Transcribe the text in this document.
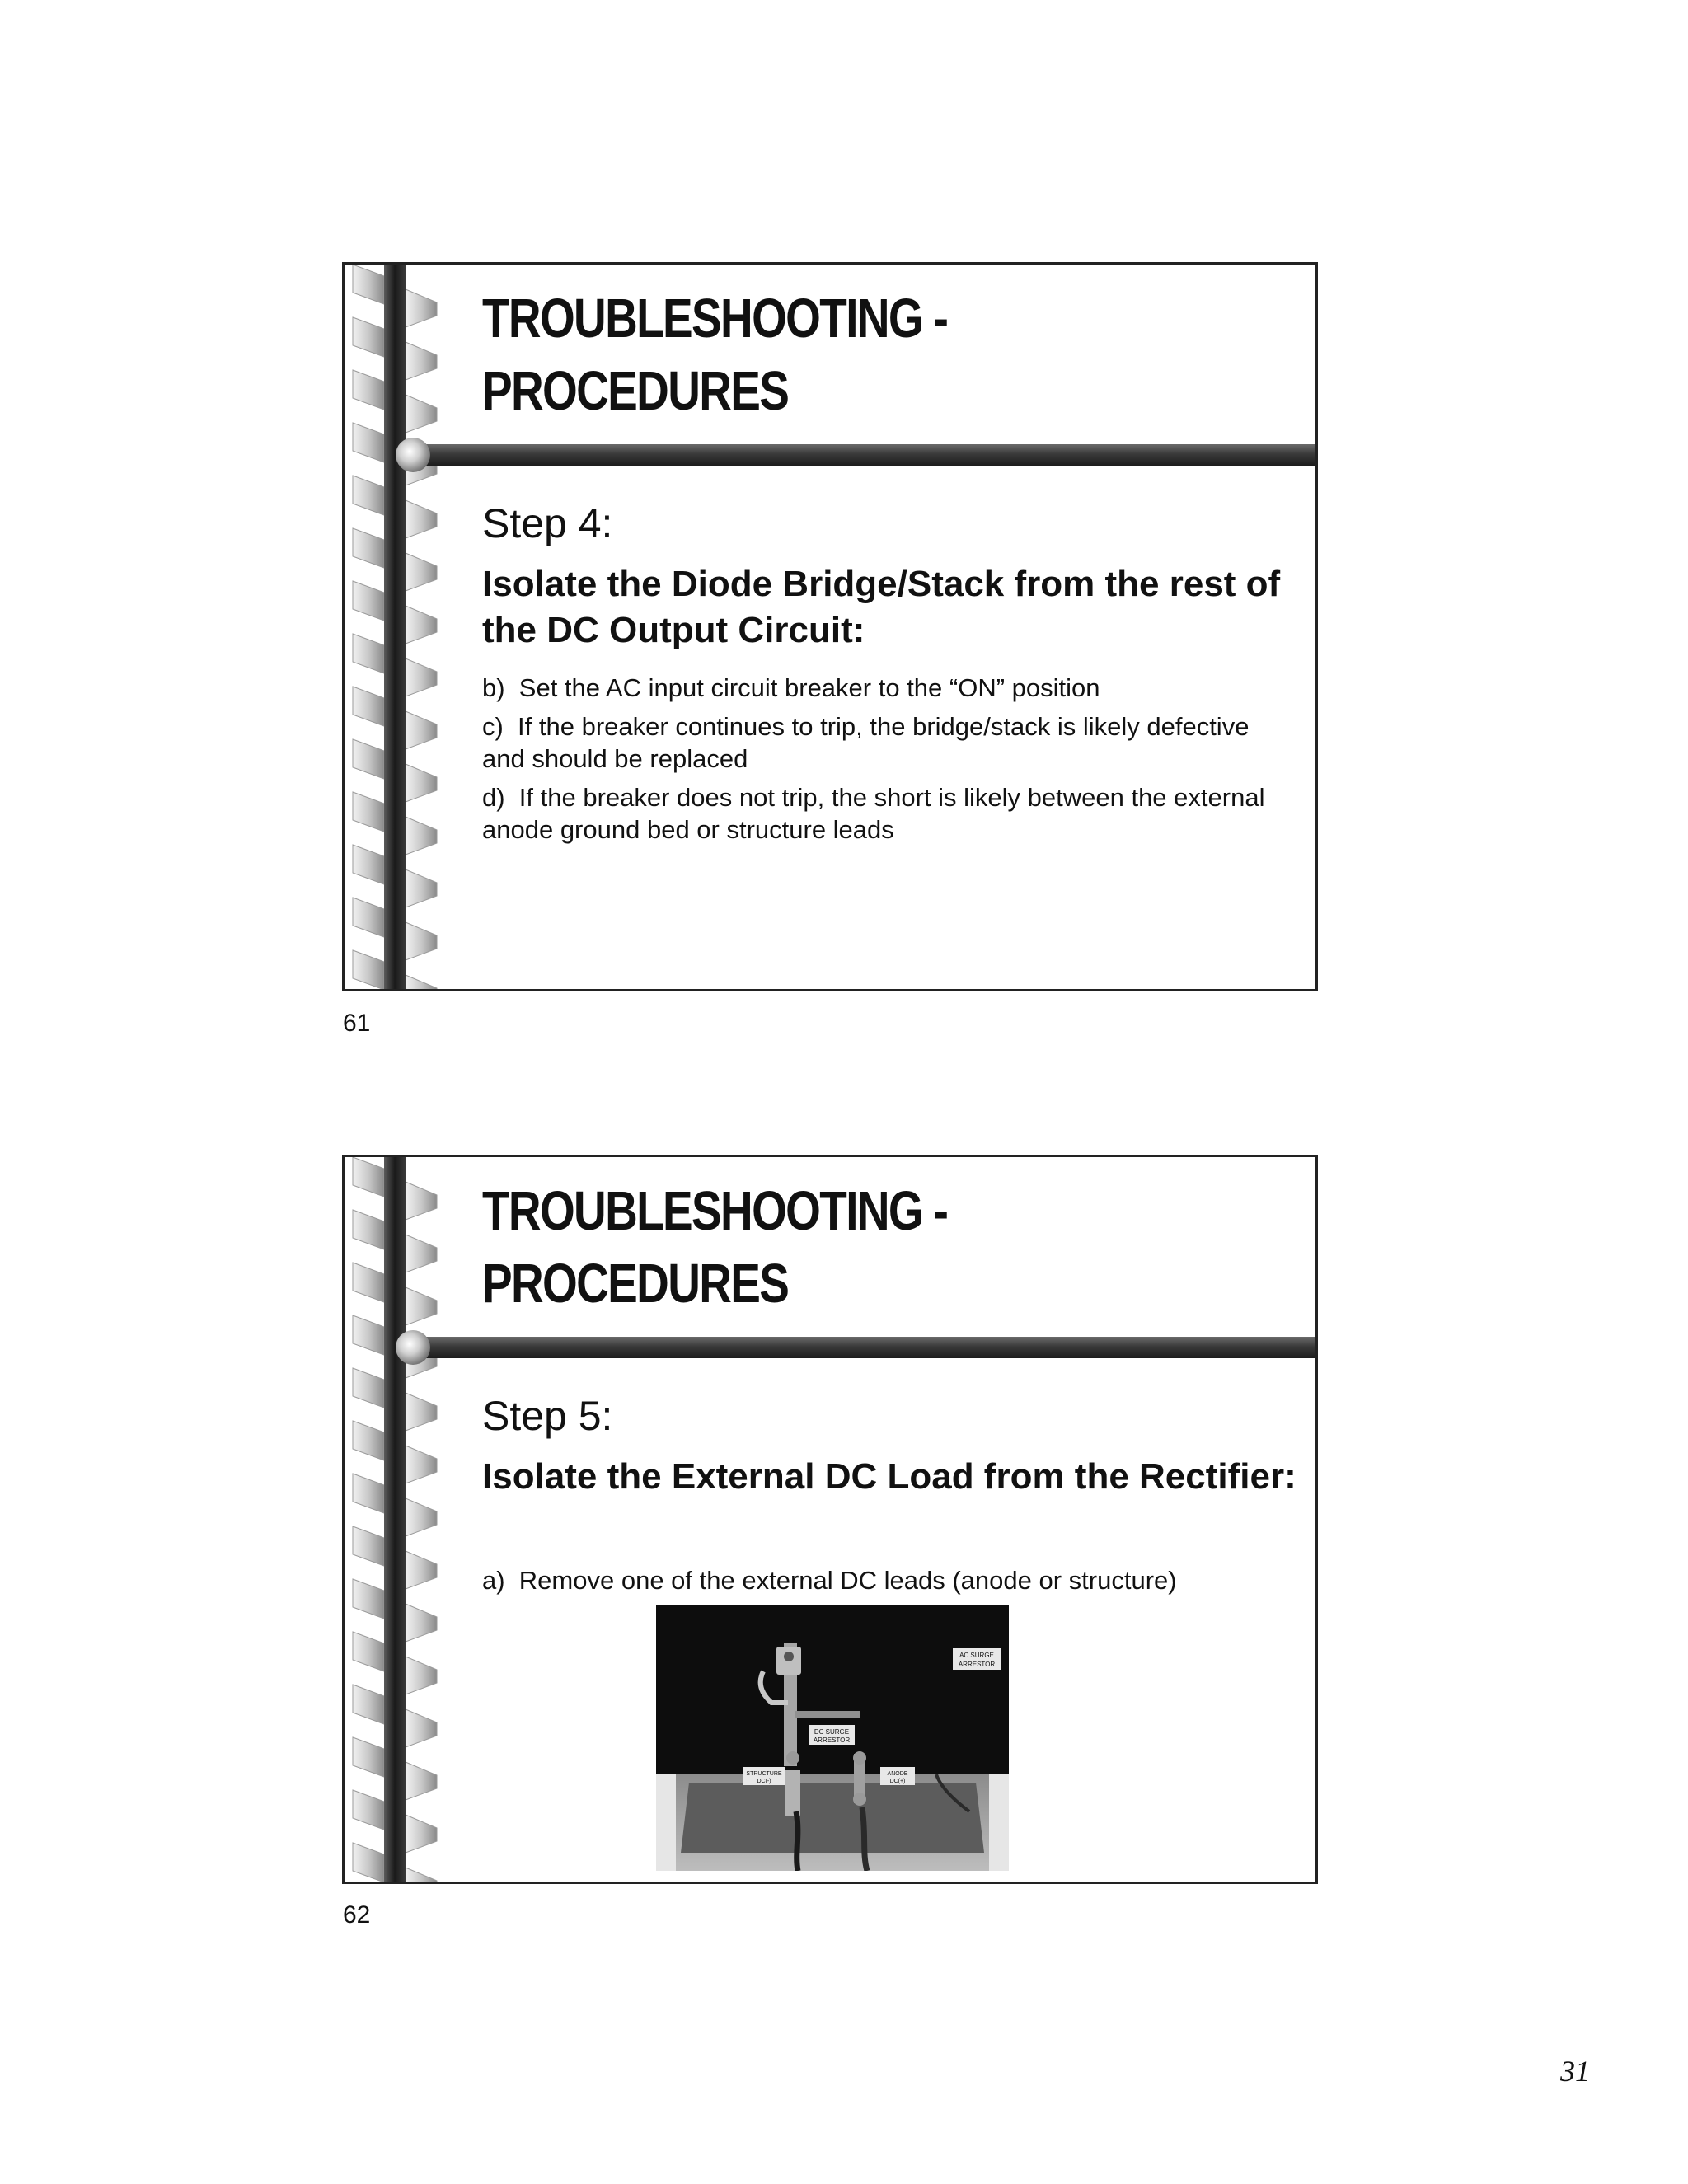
TROUBLESHOOTING -
PROCEDURES
Step 4:
Isolate the Diode Bridge/Stack from the rest of the DC Output Circuit:
b)  Set the AC input circuit breaker to the “ON” position
c)  If the breaker continues to trip, the bridge/stack is likely defective and should be replaced
d)  If the breaker does not trip, the short is likely between the external anode ground bed or structure leads
61
TROUBLESHOOTING -
PROCEDURES
Step 5:
Isolate the External DC Load from the Rectifier:
a)  Remove one of the external DC leads (anode or structure)
AC SURGE
ARRESTOR
DC SURGE
ARRESTOR
STRUCTURE
DC(-)
ANODE
DC(+)
62
31
